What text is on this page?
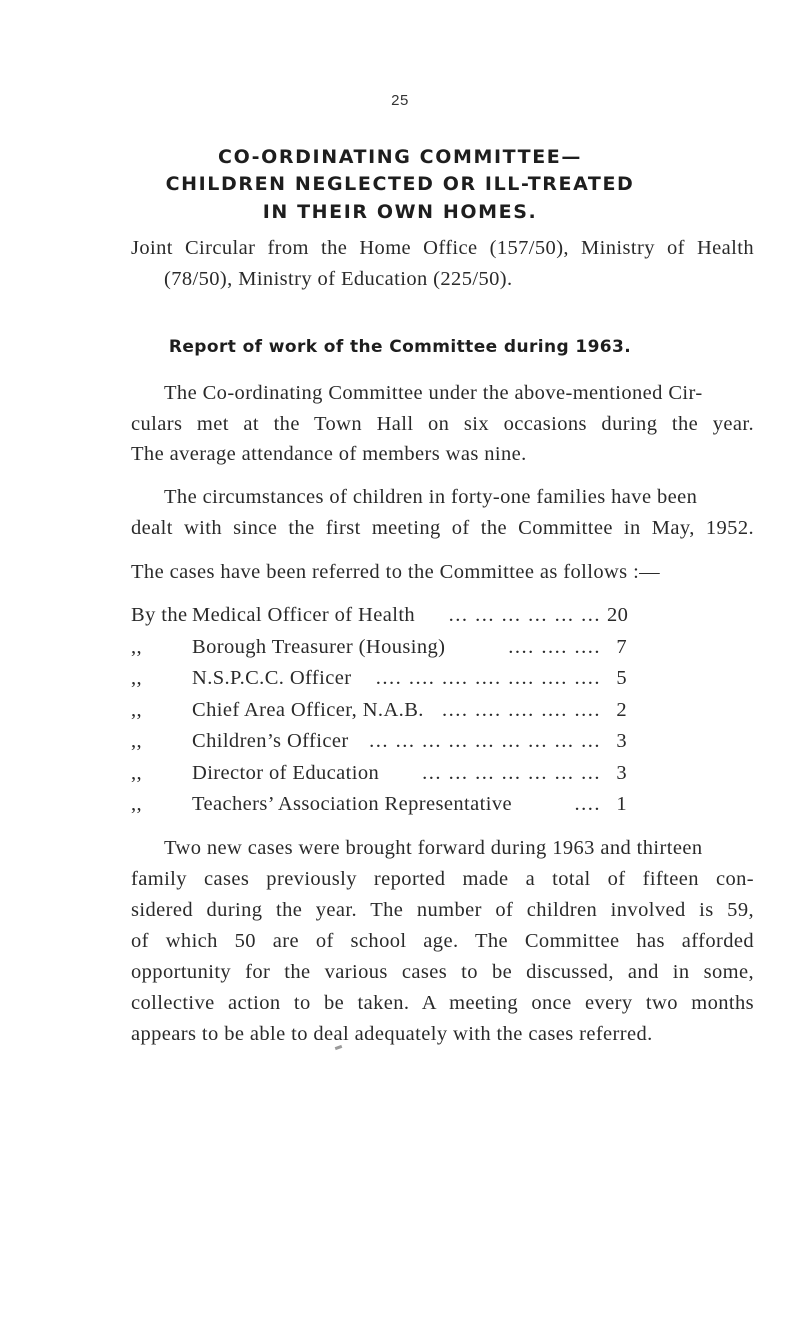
25
CO-ORDINATING COMMITTEE—
CHILDREN NEGLECTED OR ILL-TREATED
IN THEIR OWN HOMES.
Joint Circular from the Home Office (157/50), Ministry of Health
(78/50), Ministry of Education (225/50).
Report of work of the Committee during 1963.
The Co-ordinating Committee under the above-mentioned Cir-
culars met at the Town Hall on six occasions during the year.
The average attendance of members was nine.
The circumstances of children in forty-one families have been
dealt with since the first meeting of the Committee in May, 1952.
The cases have been referred to the Committee as follows :—
By the Medical Officer of Health ... ... ... ... ... ... 20
,, Borough Treasurer (Housing)	.... .... .... 7
,, N.S.P.C.C. Officer .... .... .... .... .... .... .... 5
,, Chief Area Officer, N.A.B. .... .... .... .... .... 2
,, Children’s Officer ... ... ... ... ... ... ... ... ... 3
,, Director of Education ... ... ... ... ... ... ... 3
,, Teachers’ Association Representative	.... 1
Two new cases were brought forward during 1963 and thirteen
family cases previously reported made a total of fifteen con-
sidered during the year. The number of children involved is 59,
of which 50 are of school age. The Committee has afforded
opportunity for the various cases to be discussed, and in some,
collective action to be taken. A meeting once every two months
appears to be able to deal adequately with the cases referred.
